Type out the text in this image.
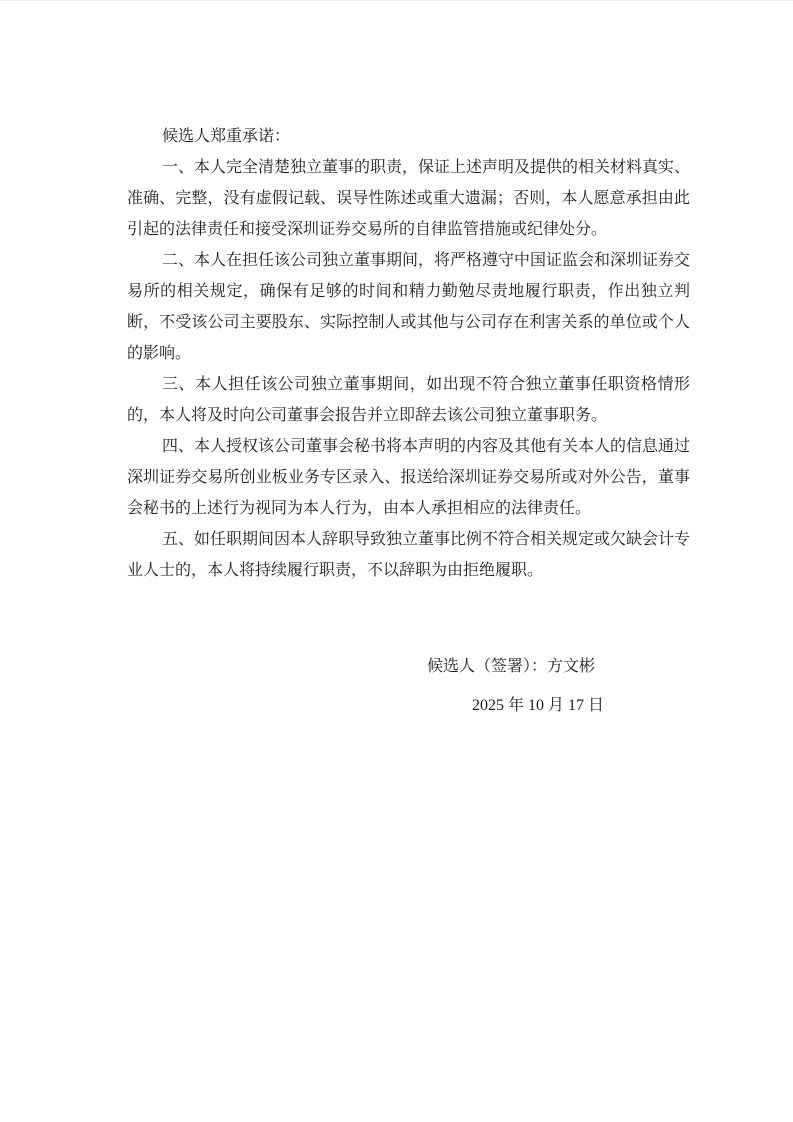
候选人郑重承诺：

一、本人完全清楚独立董事的职责，保证上述声明及提供的相关材料真实、准确、完整，没有虚假记载、误导性陈述或重大遗漏；否则，本人愿意承担由此引起的法律责任和接受深圳证券交易所的自律监管措施或纪律处分。

二、本人在担任该公司独立董事期间，将严格遵守中国证监会和深圳证券交易所的相关规定，确保有足够的时间和精力勤勉尽责地履行职责，作出独立判断，不受该公司主要股东、实际控制人或其他与公司存在利害关系的单位或个人的影响。

三、本人担任该公司独立董事期间，如出现不符合独立董事任职资格情形的，本人将及时向公司董事会报告并立即辞去该公司独立董事职务。

四、本人授权该公司董事会秘书将本声明的内容及其他有关本人的信息通过深圳证券交易所创业板业务专区录入、报送给深圳证券交易所或对外公告，董事会秘书的上述行为视同为本人行为，由本人承担相应的法律责任。

五、如任职期间因本人辞职导致独立董事比例不符合相关规定或欠缺会计专业人士的，本人将持续履行职责，不以辞职为由拒绝履职。

候选人（签署）：方文彬
2025 年 10 月 17 日
